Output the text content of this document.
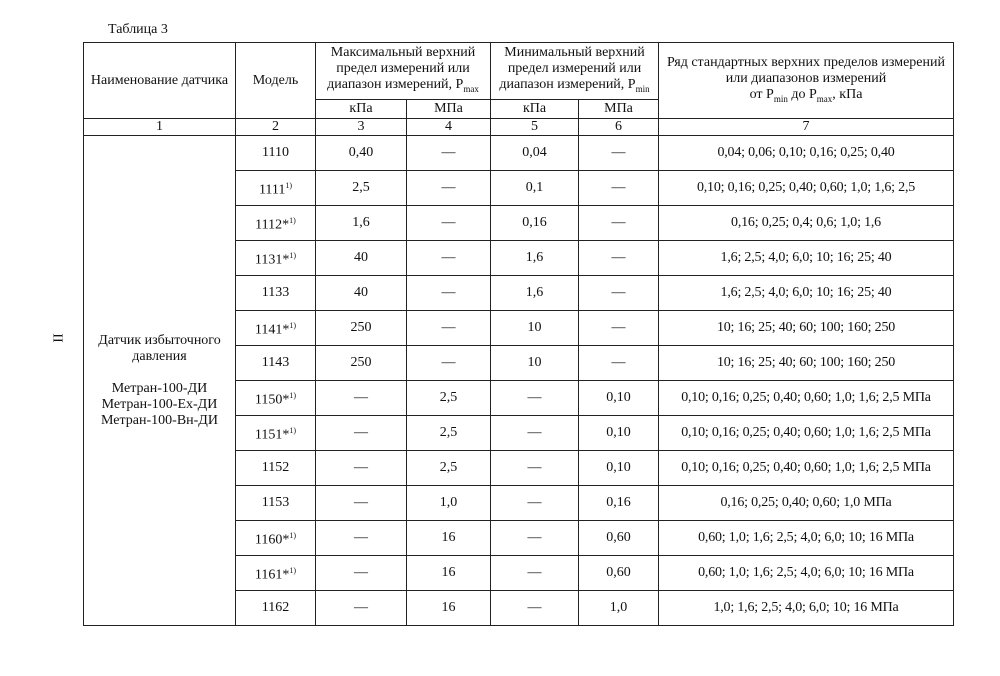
Таблица 3
II
Наименование датчика	Модель	Максимальный верхний предел измерений или диапазон измерений, $P_{max}$		Минимальный верхний предел измерений или диапазон измерений, $P_{min}$		Ряд стандартных верхних пределов измерений или диапазонов измерений
от $P_{min}$ до $P_{max}$, кПа
		кПа	МПа	кПа	МПа	
1	2	3	4	5	6	7

Датчик избыточного давления
Метран-100-ДИ
Метран-100-Ех-ДИ
Метран-100-Вн-ДИ	1110	0,40	—	0,04	—	0,04; 0,06; 0,10; 0,16; 0,25; 0,40
	1111$^{1)}$	2,5	—	0,1	—	0,10; 0,16; 0,25; 0,40; 0,60; 1,0; 1,6; 2,5
	1112*$^{1)}$	1,6	—	0,16	—	0,16; 0,25; 0,4; 0,6; 1,0; 1,6
	1131*$^{1)}$	40	—	1,6	—	1,6; 2,5; 4,0; 6,0; 10; 16; 25; 40
	1133	40	—	1,6	—	1,6; 2,5; 4,0; 6,0; 10; 16; 25; 40
	1141*$^{1)}$	250	—	10	—	10; 16; 25; 40; 60; 100; 160; 250
	1143	250	—	10	—	10; 16; 25; 40; 60; 100; 160; 250
	1150*$^{1)}$	—	2,5	—	0,10	0,10; 0,16; 0,25; 0,40; 0,60; 1,0; 1,6; 2,5 МПа
	1151*$^{1)}$	—	2,5	—	0,10	0,10; 0,16; 0,25; 0,40; 0,60; 1,0; 1,6; 2,5 МПа
	1152	—	2,5	—	0,10	0,10; 0,16; 0,25; 0,40; 0,60; 1,0; 1,6; 2,5 МПа
	1153	—	1,0	—	0,16	0,16; 0,25; 0,40; 0,60; 1,0 МПа
	1160*$^{1)}$	—	16	—	0,60	0,60; 1,0; 1,6; 2,5; 4,0; 6,0; 10; 16 МПа
	1161*$^{1)}$	—	16	—	0,60	0,60; 1,0; 1,6; 2,5; 4,0; 6,0; 10; 16 МПа
	1162	—	16	—	1,0	1,0; 1,6; 2,5; 4,0; 6,0; 10; 16 МПа
